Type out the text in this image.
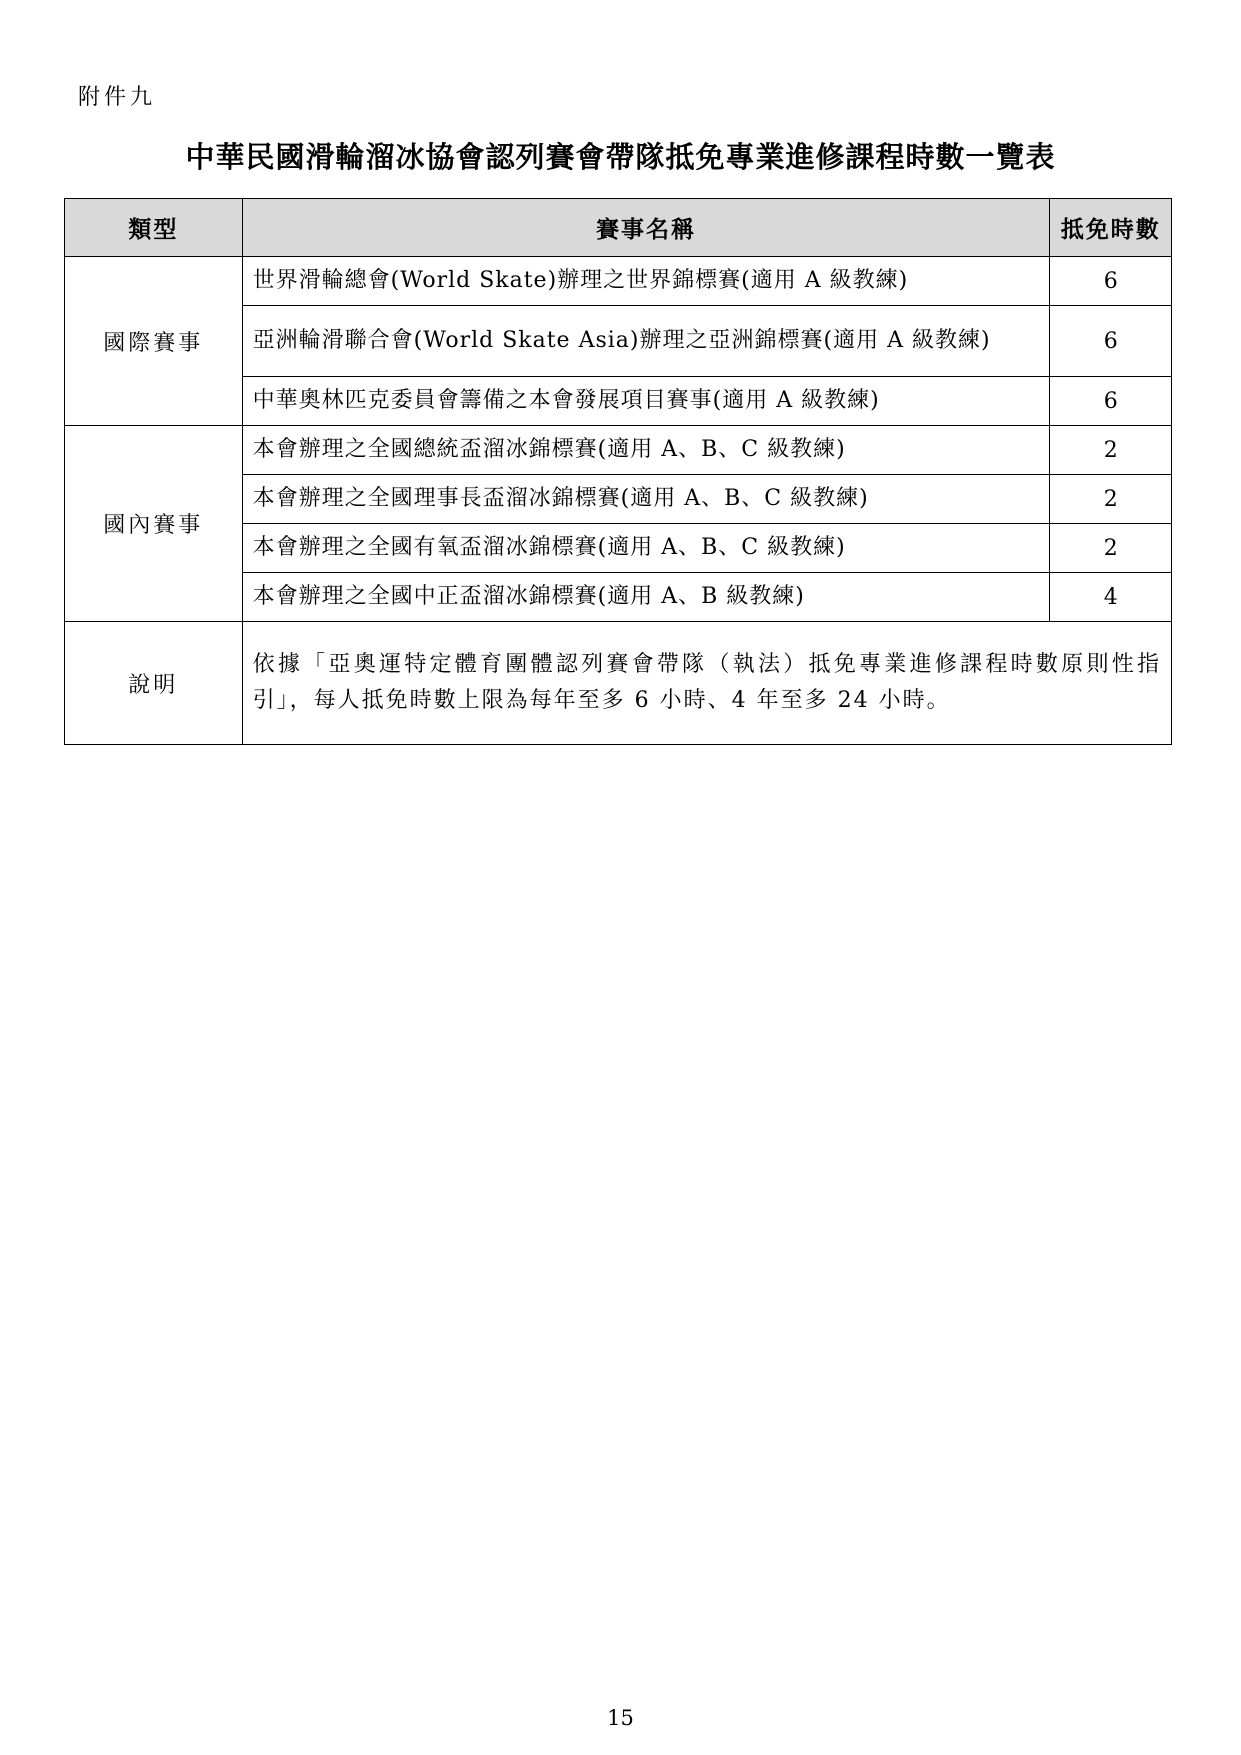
附件九
中華民國滑輪溜冰協會認列賽會帶隊抵免專業進修課程時數一覽表
類型	賽事名稱	抵免時數
國際賽事	世界滑輪總會(World Skate)辦理之世界錦標賽(適用 A 級教練)	6
	亞洲輪滑聯合會(World Skate Asia)辦理之亞洲錦標賽(適用 A 級教練)	6
	中華奧林匹克委員會籌備之本會發展項目賽事(適用 A 級教練)	6
國內賽事	本會辦理之全國總統盃溜冰錦標賽(適用 A、B、C 級教練)	2
	本會辦理之全國理事長盃溜冰錦標賽(適用 A、B、C 級教練)	2
	本會辦理之全國有氧盃溜冰錦標賽(適用 A、B、C 級教練)	2
	本會辦理之全國中正盃溜冰錦標賽(適用 A、B 級教練)	4
說明	依據「亞奧運特定體育團體認列賽會帶隊（執法）抵免專業進修課程時數原則性指引」，每人抵免時數上限為每年至多 6 小時、4 年至多 24 小時。	
15
